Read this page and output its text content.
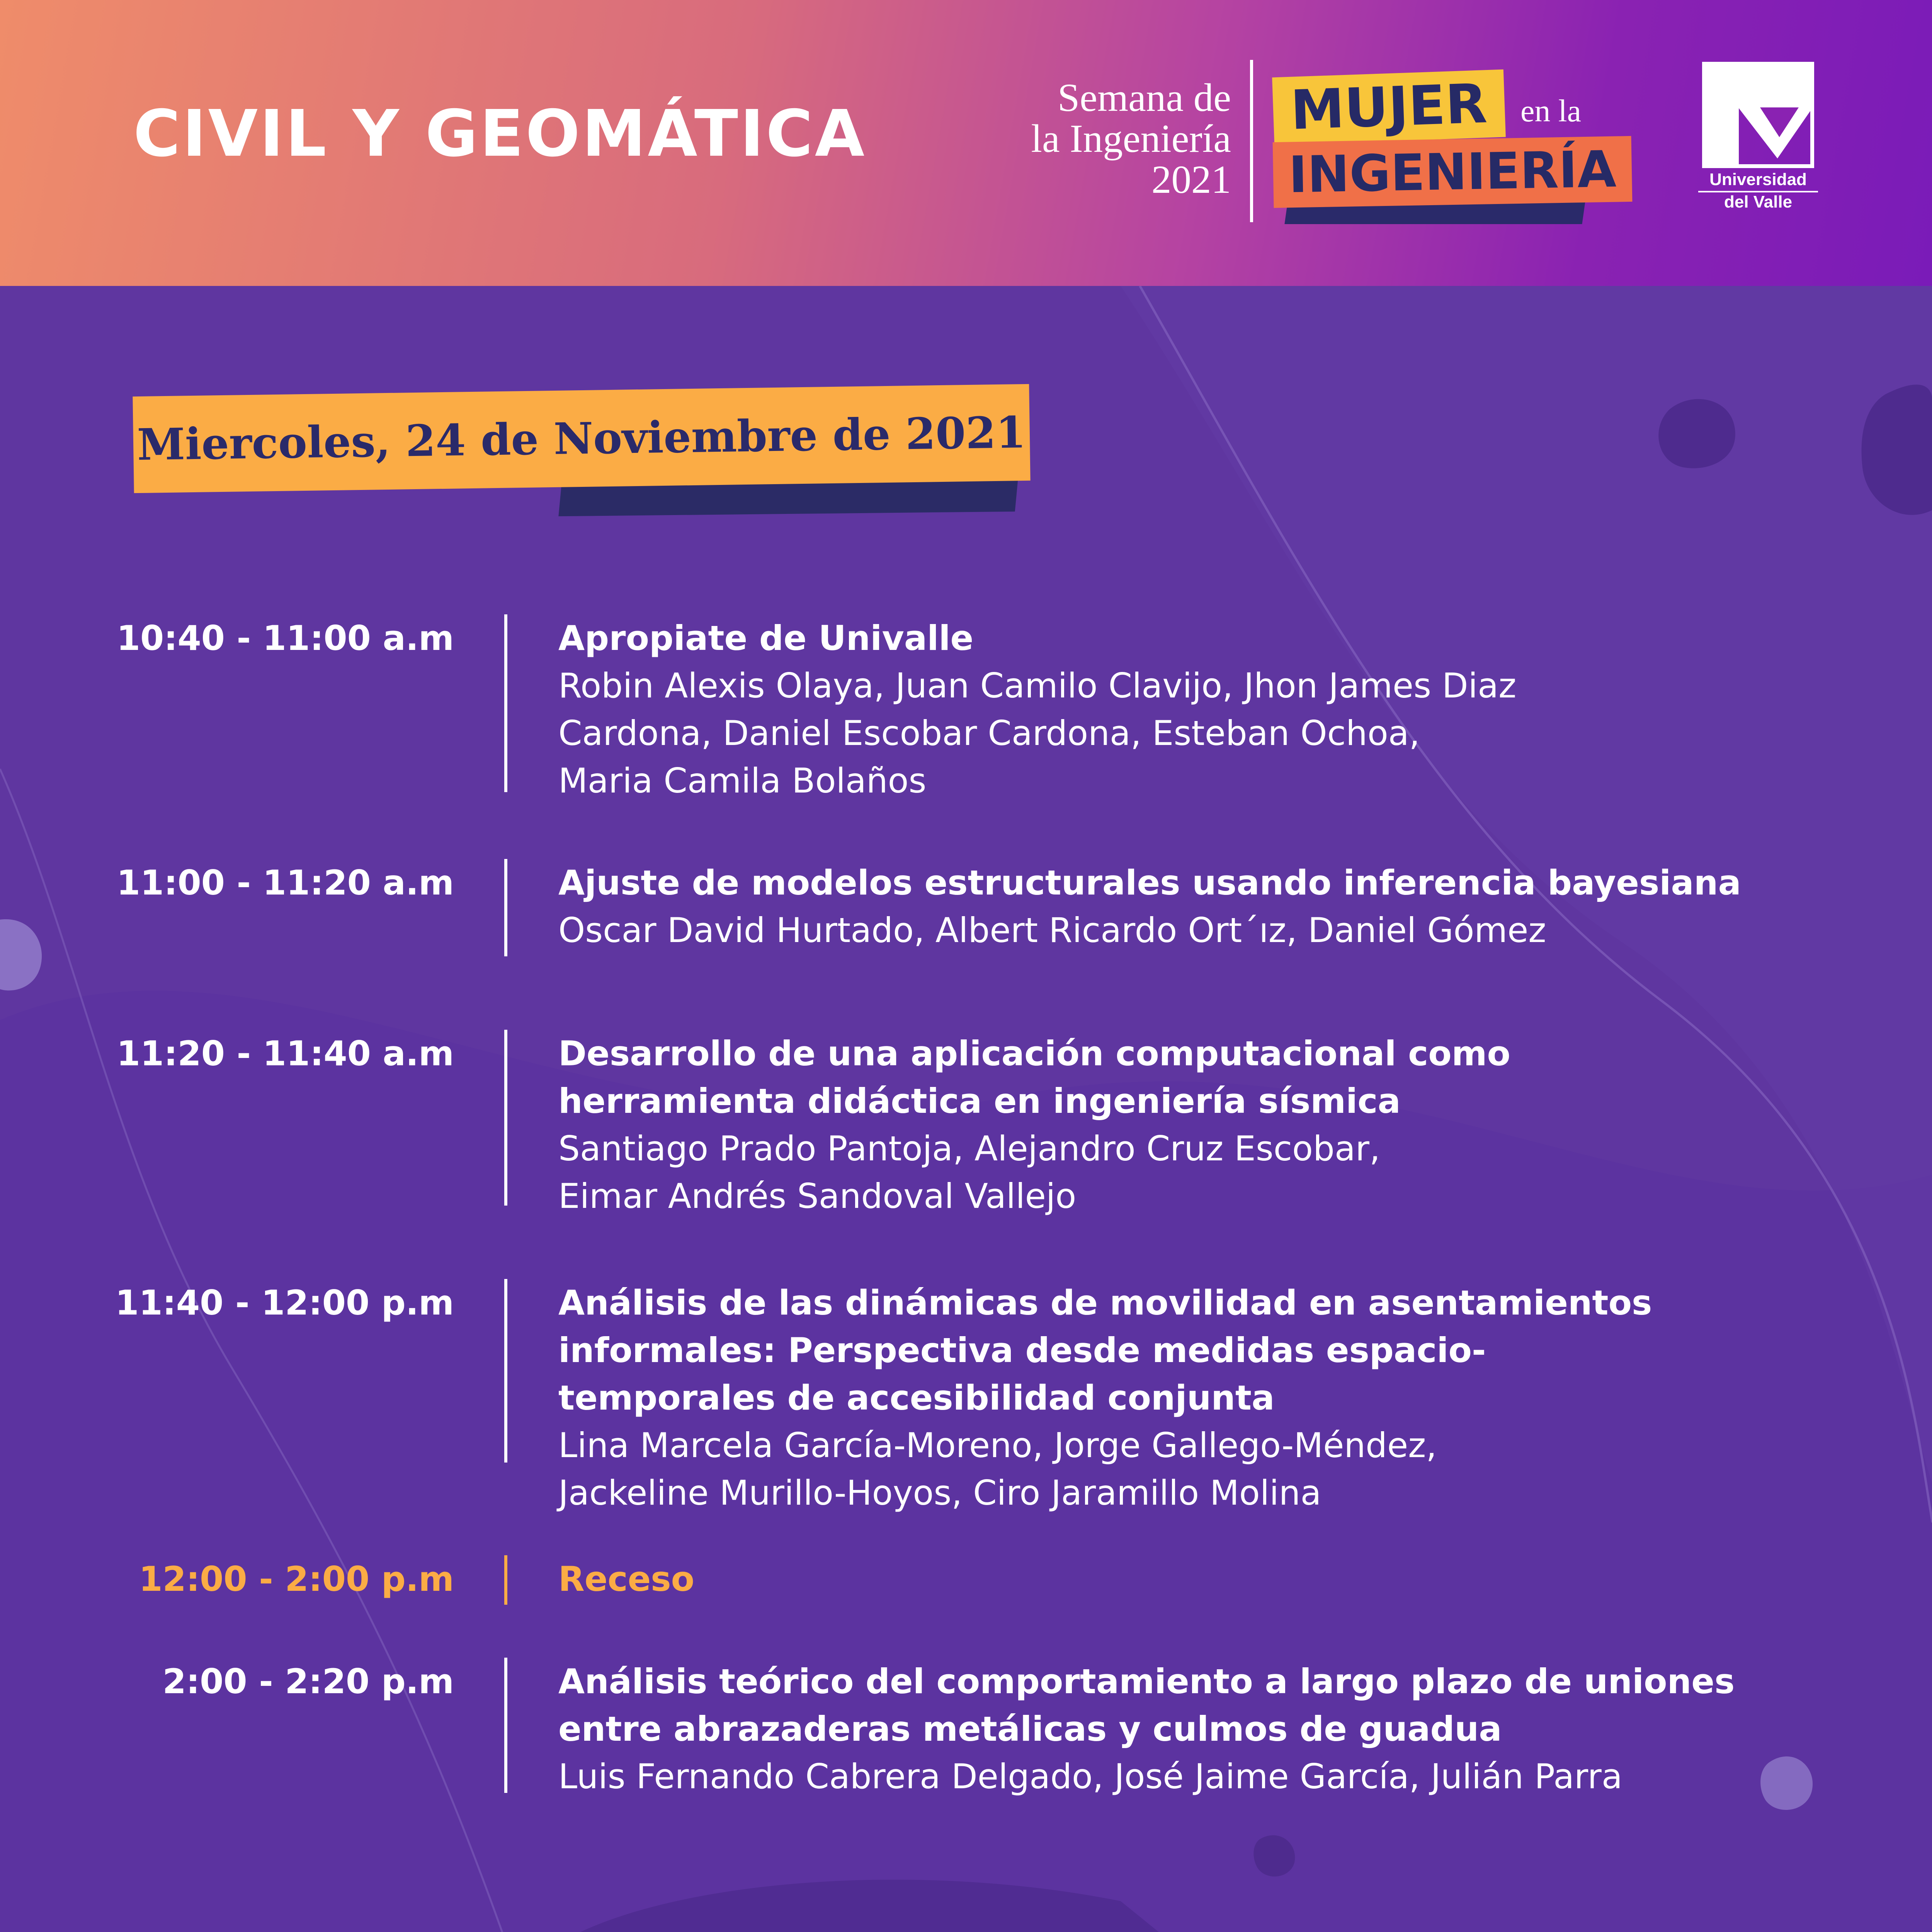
CIVIL Y GEOMÁTICA	Semana de
la Ingeniería
2021
MUJER	en la
INGENIERÍA	Universidad
del Valle
Miercoles, 24 de Noviembre de 2021
10:40 - 11:00 a.m	Apropiate de Univalle
Robin Alexis Olaya, Juan Camilo Clavijo, Jhon James Diaz
Cardona, Daniel Escobar Cardona, Esteban Ochoa,
Maria Camila Bolaños
11:00 - 11:20 a.m	Ajuste de modelos estructurales usando inferencia bayesiana
Oscar David Hurtado, Albert Ricardo Ort´ız, Daniel Gómez
11:20 - 11:40 a.m	Desarrollo de una aplicación computacional como
herramienta didáctica en ingeniería sísmica
Santiago Prado Pantoja, Alejandro Cruz Escobar,
Eimar Andrés Sandoval Vallejo
11:40 - 12:00 p.m	Análisis de las dinámicas de movilidad en asentamientos
informales: Perspectiva desde medidas espacio-
temporales de accesibilidad conjunta
Lina Marcela García-Moreno, Jorge Gallego-Méndez,
Jackeline Murillo-Hoyos, Ciro Jaramillo Molina
12:00 - 2:00 p.m	Receso
2:00 - 2:20 p.m	Análisis teórico del comportamiento a largo plazo de uniones
entre abrazaderas metálicas y culmos de guadua
Luis Fernando Cabrera Delgado, José Jaime García, Julián Parra
